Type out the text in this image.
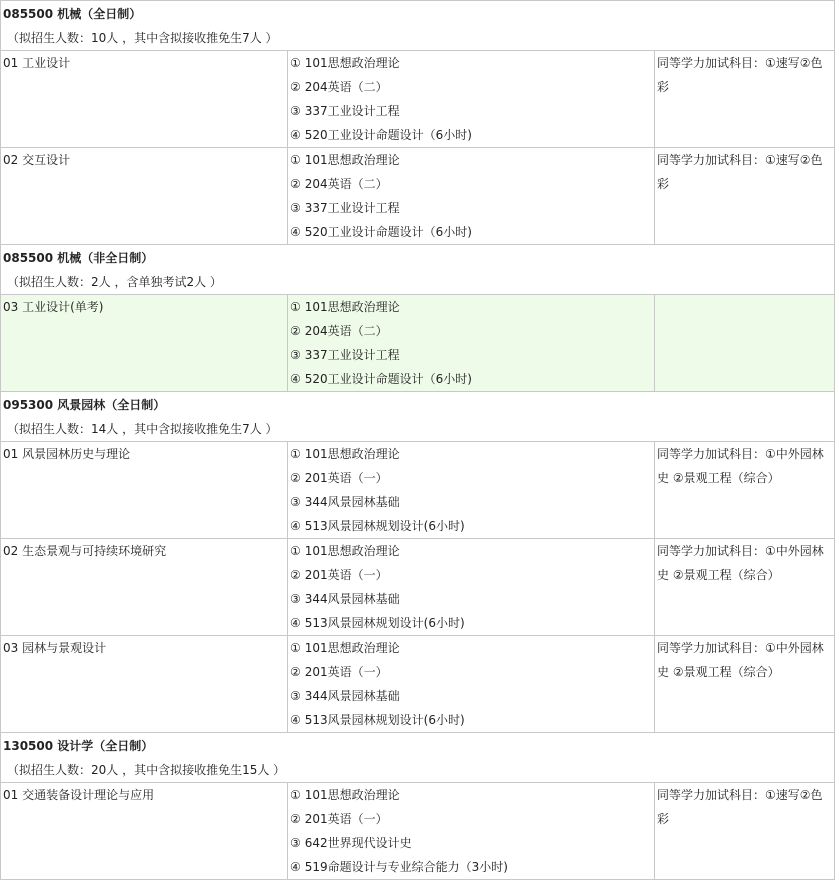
085500 机械（全日制）
（拟招生人数：10人 ，其中含拟接收推免生7人 ）		

01 工业设计	① 101思想政治理论
② 204英语（二）
③ 337工业设计工程
④ 520工业设计命题设计（6小时)	同等学力加试科目：①速写②色彩
02 交互设计	① 101思想政治理论
② 204英语（二）
③ 337工业设计工程
④ 520工业设计命题设计（6小时)	同等学力加试科目：①速写②色彩

085500 机械（非全日制）
（拟招生人数：2人 ，含单独考试2人 ）		

03 工业设计(单考)	① 101思想政治理论
② 204英语（二）
③ 337工业设计工程
④ 520工业设计命题设计（6小时)	

095300 风景园林（全日制）
（拟招生人数：14人 ，其中含拟接收推免生7人 ）		

01 风景园林历史与理论	① 101思想政治理论
② 201英语（一）
③ 344风景园林基础
④ 513风景园林规划设计(6小时)	同等学力加试科目：①中外园林史 ②景观工程（综合）
02 生态景观与可持续环境研究	① 101思想政治理论
② 201英语（一）
③ 344风景园林基础
④ 513风景园林规划设计(6小时)	同等学力加试科目：①中外园林史 ②景观工程（综合）
03 园林与景观设计	① 101思想政治理论
② 201英语（一）
③ 344风景园林基础
④ 513风景园林规划设计(6小时)	同等学力加试科目：①中外园林史 ②景观工程（综合）

130500 设计学（全日制）
（拟招生人数：20人 ，其中含拟接收推免生15人 ）		

01 交通装备设计理论与应用	① 101思想政治理论
② 201英语（一）
③ 642世界现代设计史
④ 519命题设计与专业综合能力（3小时)	同等学力加试科目：①速写②色彩
